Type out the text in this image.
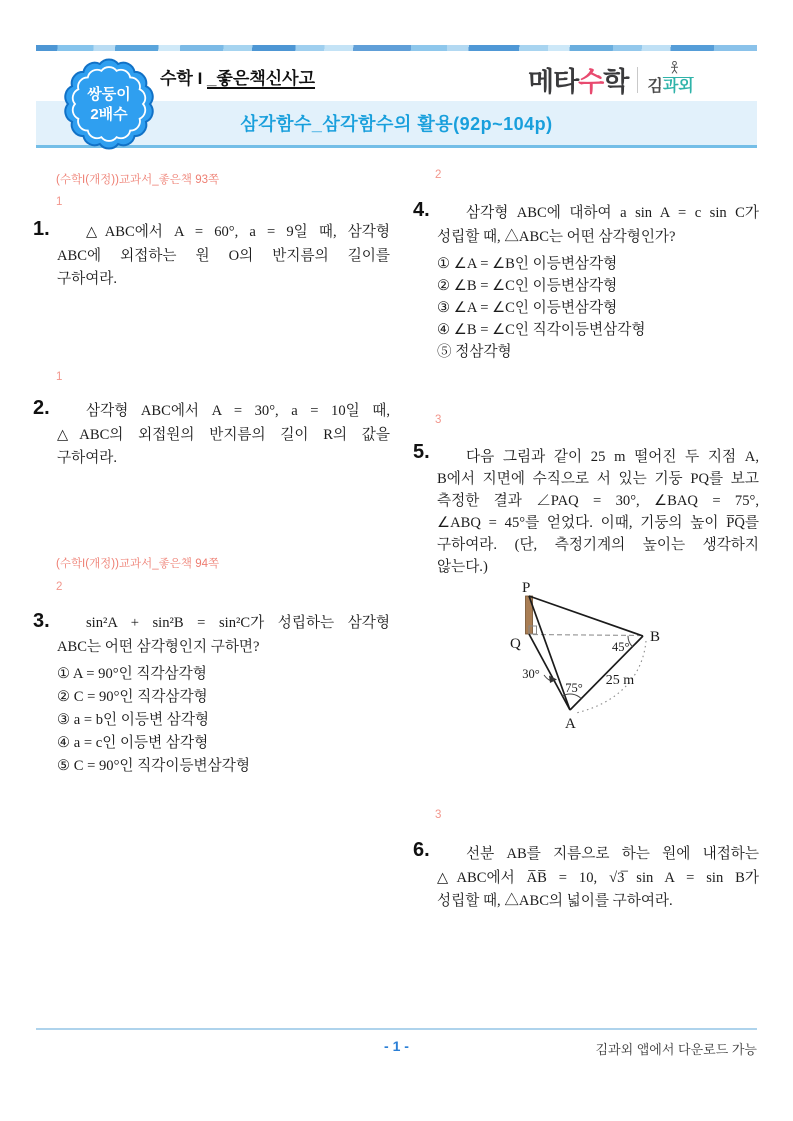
삼각함수_삼각함수의 활용(92p~104p)
쌍둥이
2배수
수학 I _좋은책신사고	메타수학 김과외
(수학I(개정))교과서_좋은책 93쪽
1
1.	△ABC에서 A = 60°, a = 9일 때, 삼각형
ABC에 외접하는 원 O의 반지름의 길이를
구하여라.
1
2.	삼각형 ABC에서 A = 30°, a = 10일 때,
△ABC의 외접원의 반지름의 길이 R의 값을
구하여라.
(수학I(개정))교과서_좋은책 94쪽
2
3.	sin²A + sin²B = sin²C가 성립하는 삼각형
ABC는 어떤 삼각형인지 구하면?
① A = 90°인 직각삼각형
② C = 90°인 직각삼각형
③ a = b인 이등변 삼각형
④ a = c인 이등변 삼각형
⑤ C = 90°인 직각이등변삼각형
2
4.	삼각형 ABC에 대하여 a sin A = c sin C가
성립할 때, △ABC는 어떤 삼각형인가?
① ∠A = ∠B인 이등변삼각형
② ∠B = ∠C인 이등변삼각형
③ ∠A = ∠C인 이등변삼각형
④ ∠B = ∠C인 직각이등변삼각형
⑤ 정삼각형
3
5.	다음 그림과 같이 25 m 떨어진 두 지점 A,
B에서 지면에 수직으로 서 있는 기둥 PQ를 보고
측정한 결과 ∠PAQ = 30°, ∠BAQ = 75°,
∠ABQ = 45°를 얻었다. 이때, 기둥의 높이 P̅Q̅를
구하여라. (단, 측정기계의 높이는 생각하지
않는다.)
P
Q	B
A
45°
75°
30°	25 m
3
6.	선분 AB를 지름으로 하는 원에 내접하는
△ABC에서 A̅B̅ = 10, √3̅ sin A = sin B가
성립할 때, △ABC의 넓이를 구하여라.
- 1 -	김과외 앱에서 다운로드 가능
